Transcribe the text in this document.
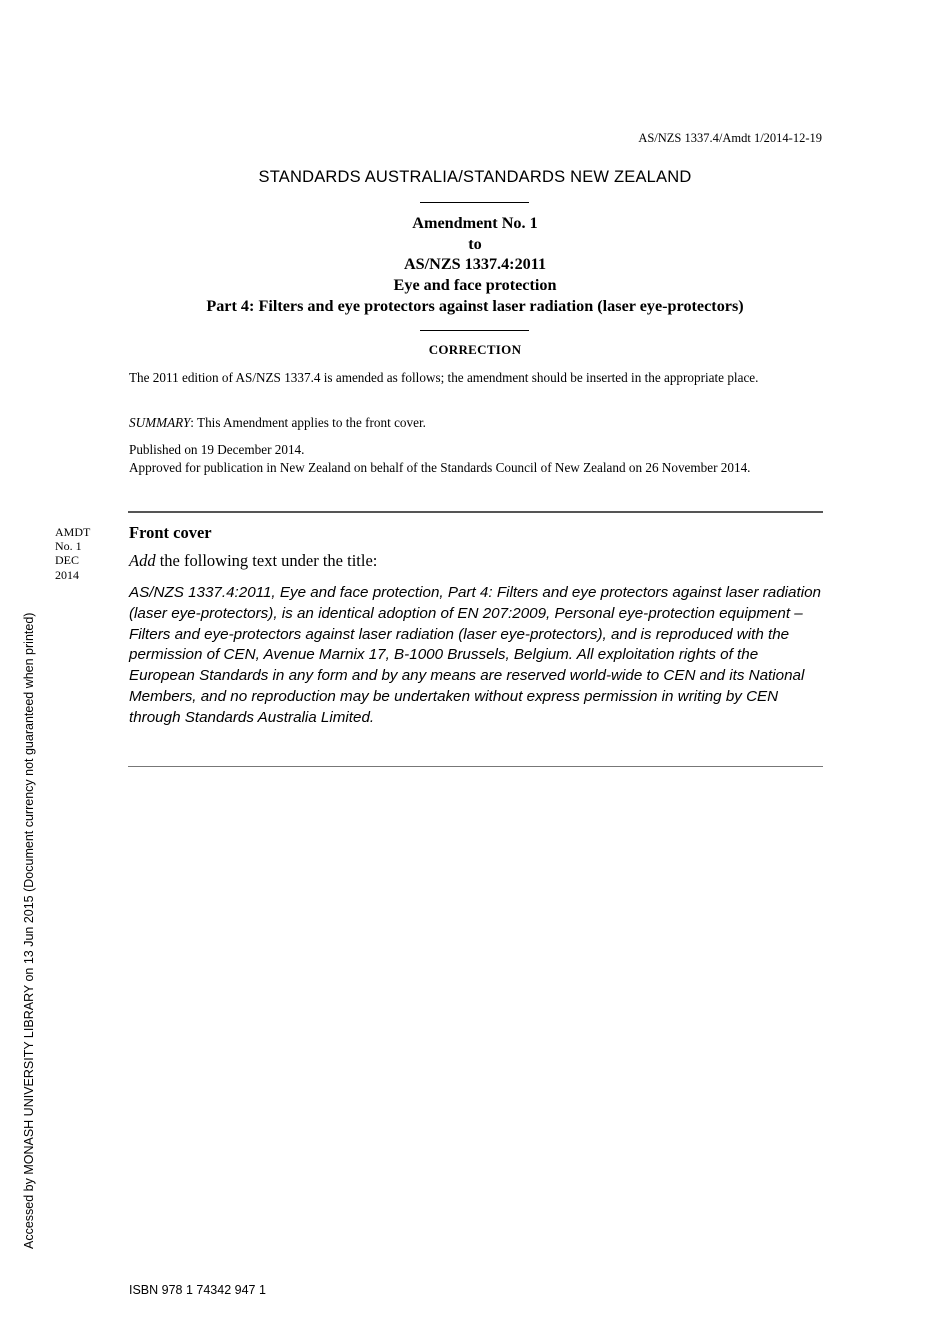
AS/NZS 1337.4/Amdt 1/2014-12-19
STANDARDS AUSTRALIA/STANDARDS NEW ZEALAND
Amendment No. 1
to
AS/NZS 1337.4:2011
Eye and face protection
Part 4: Filters and eye protectors against laser radiation (laser eye-protectors)
CORRECTION
The 2011 edition of AS/NZS 1337.4 is amended as follows; the amendment should be inserted in the appropriate place.
SUMMARY: This Amendment applies to the front cover.
Published on 19 December 2014.
Approved for publication in New Zealand on behalf of the Standards Council of New Zealand on 26 November 2014.
AMDT
No. 1
DEC
2014
Front cover
Add the following text under the title:
AS/NZS 1337.4:2011, Eye and face protection, Part 4: Filters and eye protectors against laser radiation (laser eye-protectors), is an identical adoption of EN 207:2009, Personal eye-protection equipment – Filters and eye-protectors against laser radiation (laser eye-protectors), and is reproduced with the permission of CEN, Avenue Marnix 17, B-1000 Brussels, Belgium. All exploitation rights of the European Standards in any form and by any means are reserved world-wide to CEN and its National Members, and no reproduction may be undertaken without express permission in writing by CEN through Standards Australia Limited.
ISBN 978 1 74342 947 1
Accessed by MONASH UNIVERSITY LIBRARY on 13 Jun 2015 (Document currency not guaranteed when printed)
